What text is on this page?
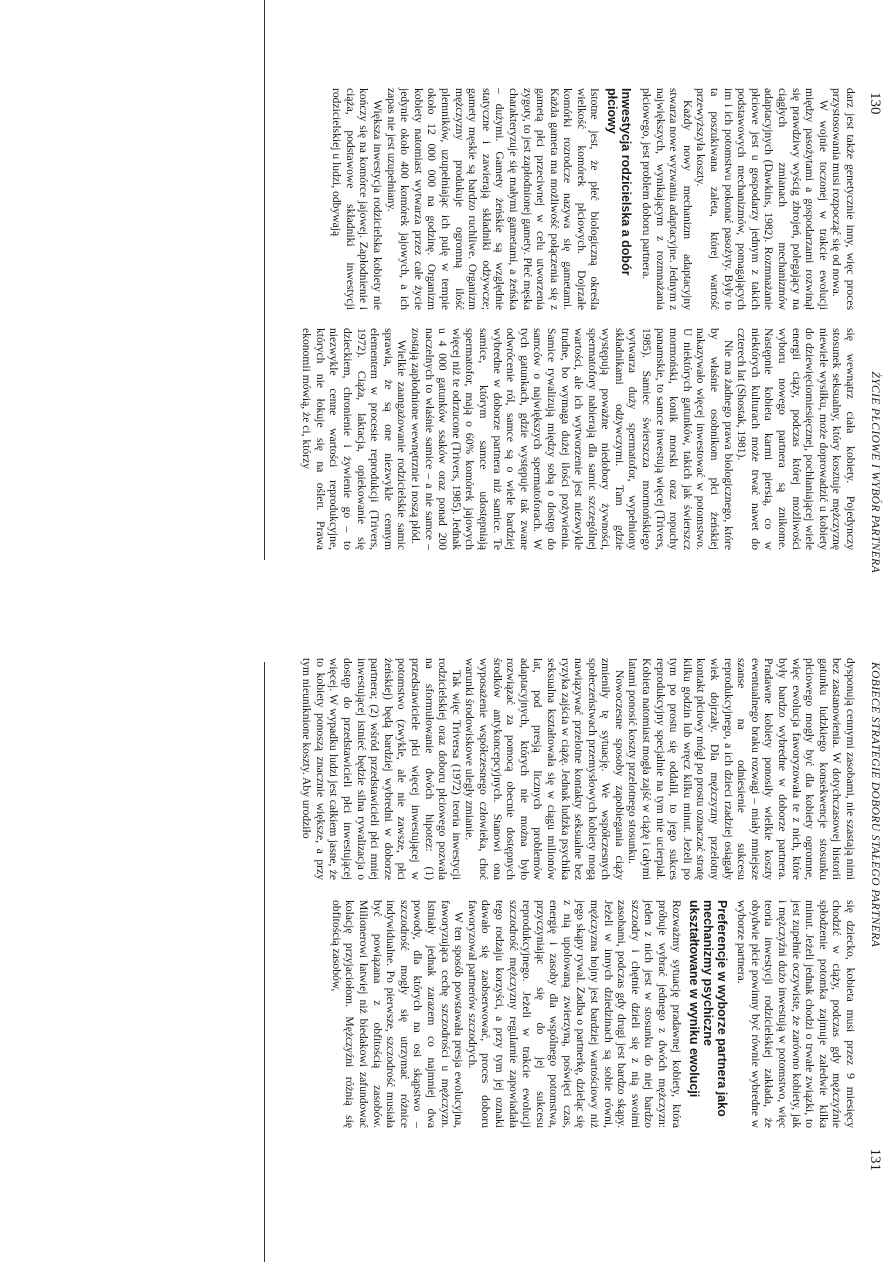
130
ŻYCIE PŁCIOWE I WYBÓR PARTNERA

darz jest także genetycznie inny, więc proces przystosowania musi rozpocząć się od nowa.

W wojnie toczonej w trakcie ewolucji między pasożytami a gospodarzami rozwinął się prawdziwy wyścig zbrojeń, polegający na ciągłych zmianach mechanizmów adaptacyjnych (Dawkins, 1982). Rozmnażanie płciowe jest u gospodarzy jednym z takich podstawowych mechanizmów, pomagających im i ich potomstwu pokonać pasożyty. Były to ta poszukiwana zaleta, której wartość przewyższyła koszty.

Każdy nowy mechanizm adaptacyjny stwarza nowe wyzwania adaptacyjne. Jednym z największych, wynikającym z rozmnażania płciowego, jest problem doboru partnera.

Inwestycja rodzicielska a dobór płciowy

Istotne jest, że płeć biologiczną określa wielkość komórek płciowych. Dojrzałe komórki rozrodcze nazywa się gametami. Każda gameta ma możliwość połączenia się z gametą płci przeciwnej w celu utworzenia zygoty, to jest zapłodnionej gamety. Płeć męska charakteryzuje się małymi gametami, a żeńska – dużymi. Gamety żeńskie są względnie statyczne i zawierają składniki odżywcze; gamety męskie są bardzo ruchliwe. Organizm mężczyzny produkuje ogromną ilość plemników, uzupełniając ich pulę w tempie około 12 000 000 na godzinę. Organizm kobiety natomiast wytwarza przez całe życie jedynie około 400 komórek jajowych, a ich zapas nie jest uzupełniany.

Większa inwestycja rodzicielska kobiety nie kończy się na komórce jajowej. Zapłodnienie i ciąża, podstawowe składniki inwestycji rodzicielskiej u ludzi, odbywają

się wewnątrz ciała kobiety. Pojedynczy stosunek seksualny, który kosztuje mężczyznę niewiele wysiłku, może doprowadzić u kobiety do dziewięciomiesięcznej, pochłaniającej wiele energii ciąży, podczas której możliwości wyboru nowego partnera są znikome. Następnie kobieta karmi piersią, co w niektórych kulturach może trwać nawet do czterech lat (Shostak, 1981).

Nie ma żadnego prawa biologicznego, które by właśnie osobnikom płci żeńskiej nakazywało więcej inwestować w potomstwo. U niektórych gatunków, takich jak świerszcz mormoński, konik morski oraz ropuchy panamskie, to samce inwestują więcej (Trivers, 1985). Samiec świerszcza mormońskiego wytwarza duży spermatofor, wypełniony składnikami odżywczymi. Tam gdzie występują poważne niedobory żywności, spermatofory nabierają dla samic szczególnej wartości, ale ich wytworzenie jest niezwykle trudne, bo wymaga dużej ilości pożywienia. Samice rywalizują między sobą o dostęp do samców o największych spermatoforach. W tych gatunkach, gdzie występuje tak zwane odwrócenie ról, samce są o wiele bardziej wybredne w doborze partnera niż samice. Te samice, którym samce udostępniają spermatofor, mają o 60% komórek jajowych więcej niż te odrzucone (Trivers, 1985). Jednak u 4 000 gatunków ssaków oraz ponad 200 naczelnych to właśnie samice – a nie samce – zostają zapłodnione wewnętrznie i noszą płód.

Wielkie zaangażowanie rodzicielskie samic sprawia, że są one niezwykle cennym elementem w procesie reprodukcji (Trivers, 1972). Ciąża, laktacja, opiekowanie się dzieckiem, chronienie i żywienie go – to niezwykle cenne wartości reprodukcyjne, których nie łokuje się na ośleп. Prawa ekonomii mówią, że ci, którzy

131
KOBIECE STRATEGIE DOBORU STAŁEGO PARTNERA

dysponują cennymi zasobami, nie szastają nimi bez zastanowienia. W dotychczasowej historii gatunku ludzkiego konsekwencje stosunku płciowego mogły być dla kobiety ogromne, więc ewolucja faworyzowała te z nich, które były bardzo wybredne w doborze partnera. Pradawne kobiety ponosiły wielkie koszty ewentualnego braku rozwagi – miały mniejsze szanse na odniesienie sukcesu reprodukcyjnego, a ich dzieci rzadziej osiągały wiek dojrzały. Dla mężczyzny przelotny kontakt płciowy mógł po prostu oznaczać stratę kilku godzin lub wręcz kilku minut. Jeżeli po tym po prostu się oddalił, to jego sukces reprodukcyjny specjalnie na tym nie ucierpiał. Kobieta natomiast mogła zajść w ciążę i całymi latami ponosić koszty przelotnego stosunku.

Nowoczesne sposoby zapobiegania ciąży zmieniły tę sytuację. We współczesnych społeczeństwach przemysłowych kobiety mogą nawiązywać przelotne kontakty seksualne bez ryzyka zajścia w ciążę. Jednak ludzka psychika seksualna kształtowała się w ciągu milionów lat, pod presją licznych problemów adaptacyjnych, których nie można było rozwiązać za pomocą obecnie dostępnych środków antykoncepcyjnych. Stanowi ona wyposażenie współczesnego człowieka, choć warunki środowiskowe uległy zmianie.

Tak więc Triversa (1972) teoria inwestycji rodzicielskiej oraz doboru płciowego pozwala na sformułowanie dwóch hipotez: (1) przedstawiciele płci więcej inwestującej w potomstwo (zwykle, ale nie zawsze, płci żeńskiej) będą bardziej wybredni w doborze partnera; (2) wśród przedstawicieli płci mniej inwestującej istnieć będzie silna rywalizacja o dostęp do przedstawicieli płci inwestującej więcej. W wypadku ludzi jest całkiem jasne, że to kobiety ponoszą znacznie większe, a przy tym nieuniknione koszty. Aby urodziło

się dziecko, kobieta musi przez 9 miesięcy chodzić w ciąży, podczas gdy mężczyźnie spłodzenie potomka zajmuje zaledwie kilka minut. Jeżeli jednak chodzi o trwałe związki, to jest zupełnie oczywiste, że zarówno kobiety, jak i mężczyźni dużo inwestują w potomstwo, więc teoria inwestycji rodzicielskiej zakłada, że obydwie płcie powinny być równie wybredne w wyborze partnera.

Preferencje w wyborze partnera jako mechanizmy psychiczne ukształtowane w wyniku ewolucji

Rozważmy sytuację pradawnej kobiety, która próbuje wybrać jednego z dwóch mężczyzn: jeden z nich jest w stosunku do niej bardzo szczodry i chętnie dzieli się z nią swoimi zasobami, podczas gdy drugi jest bardzo skąpy. Jeżeli w innych dziedzinach są sobie równi, mężczyzna hojny jest bardziej wartościowy niż jego skąpy rywal. Zadba o partnerkę, dzieląc się z nią upolowaną zwierzyną, poświęci czas, energię i zasoby dla wspólnego potomstwa, przyczyniając się do jej sukcesu reprodukcyjnego. Jeżeli w trakcie ewolucji szczodrość mężczyzny regularnie zapowiadała tego rodzaju korzyści, a przy tym jej oznaki dawało się zaobserwować, proces doboru faworyzował partnerów szczodrych.

W ten sposób powstawała presja ewolucyjna, faworyzująca cechę szczodrości u mężczyzn. Istniały jednak zarazem co najmniej dwa powody, dla których na osi skąpstwo – szczodrość mogły się utrzymać różnice indywidualne. Po pierwsze, szczodrość musiała być powiązana z obfitością zasobów. Milionerowi łatwiej niż biedakowi zafundować kolację przyjaciołom. Mężczyźni różnią się obfitością zasobów,
